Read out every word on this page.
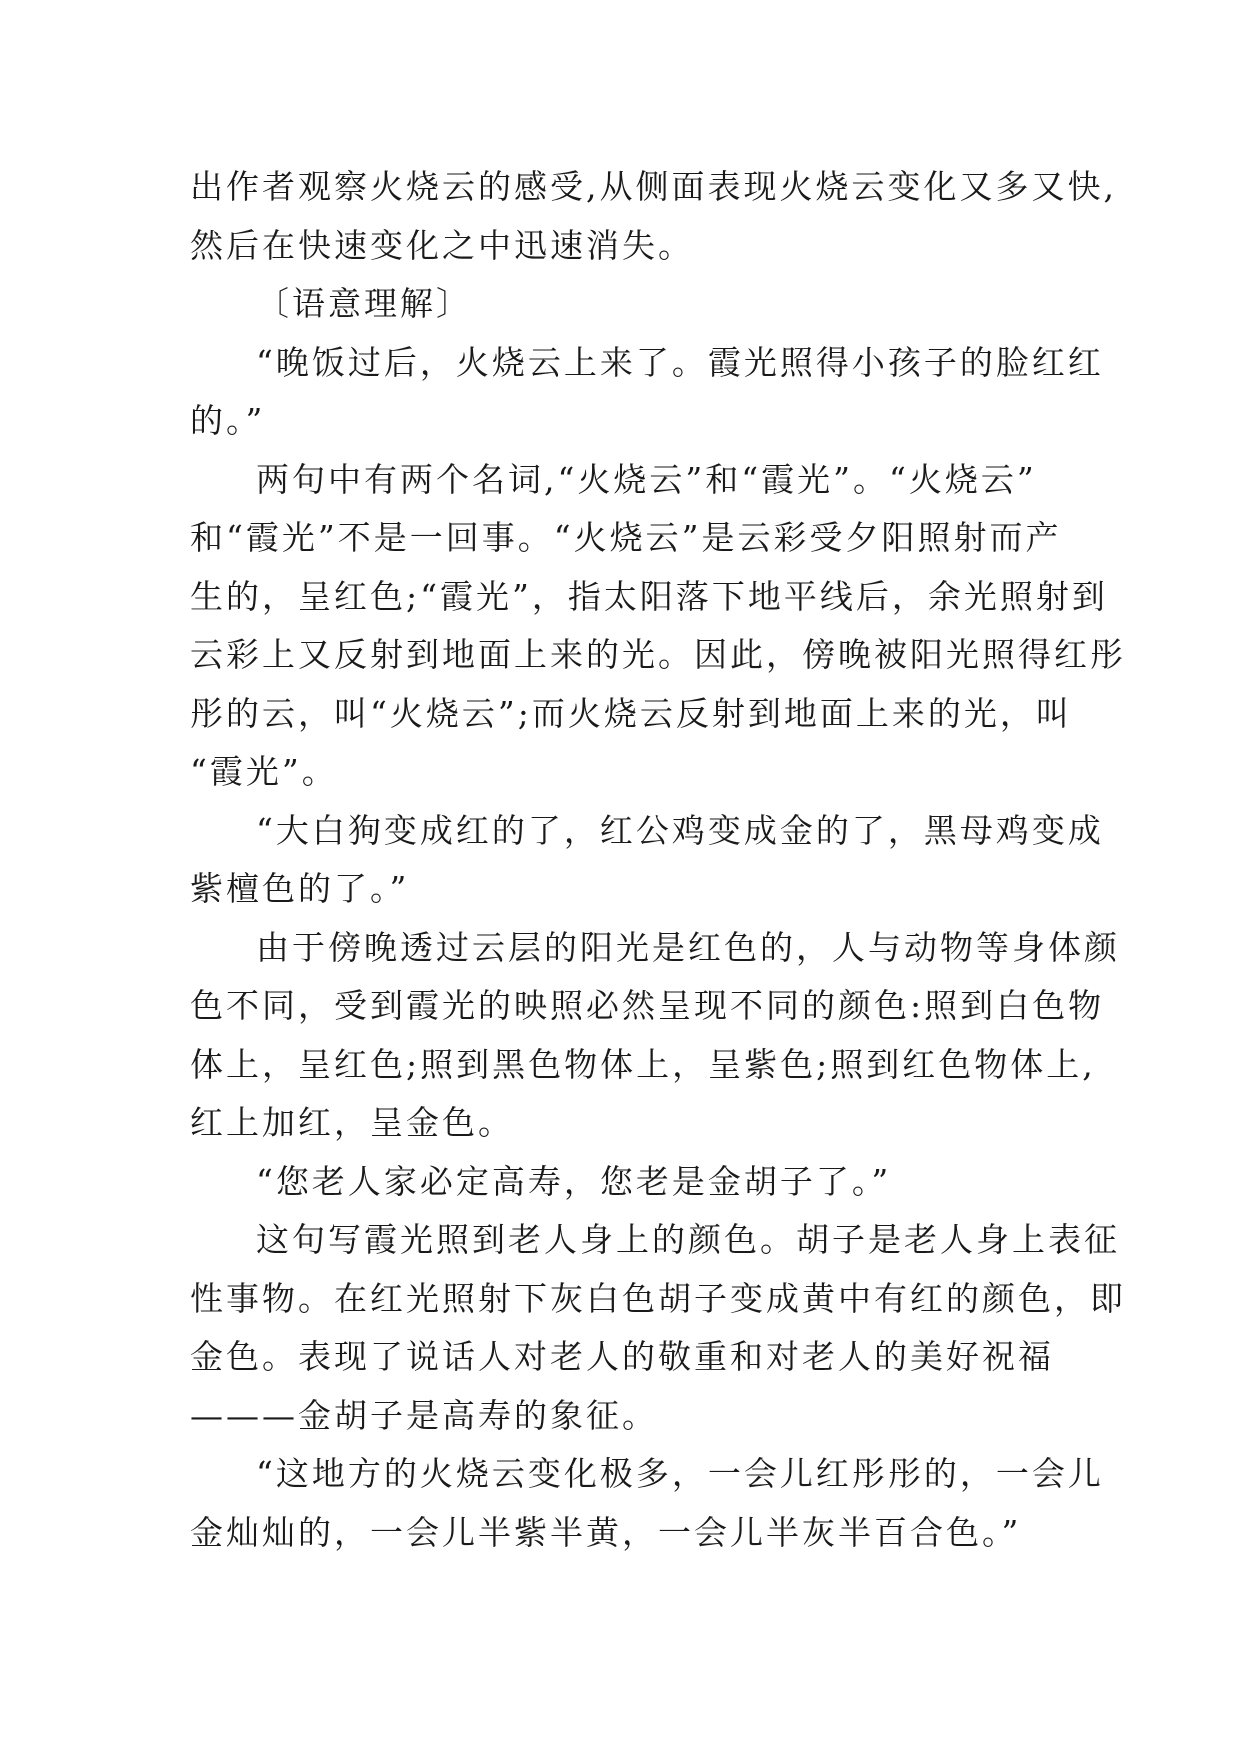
出作者观察火烧云的感受,从侧面表现火烧云变化又多又快,
然后在快速变化之中迅速消失。
〔语意理解〕
“晚饭过后，火烧云上来了。霞光照得小孩子的脸红红
的。”
两句中有两个名词,“火烧云”和“霞光”。“火烧云”
和“霞光”不是一回事。“火烧云”是云彩受夕阳照射而产
生的，呈红色;“霞光”，指太阳落下地平线后，余光照射到
云彩上又反射到地面上来的光。因此，傍晚被阳光照得红彤
彤的云，叫“火烧云”;而火烧云反射到地面上来的光，叫
“霞光”。
“大白狗变成红的了，红公鸡变成金的了，黑母鸡变成
紫檀色的了。”
由于傍晚透过云层的阳光是红色的，人与动物等身体颜
色不同，受到霞光的映照必然呈现不同的颜色:照到白色物
体上，呈红色;照到黑色物体上，呈紫色;照到红色物体上,
红上加红，呈金色。
“您老人家必定高寿，您老是金胡子了。”
这句写霞光照到老人身上的颜色。胡子是老人身上表征
性事物。在红光照射下灰白色胡子变成黄中有红的颜色，即
金色。表现了说话人对老人的敬重和对老人的美好祝福
———金胡子是高寿的象征。
“这地方的火烧云变化极多，一会儿红彤彤的，一会儿
金灿灿的，一会儿半紫半黄，一会儿半灰半百合色。”
